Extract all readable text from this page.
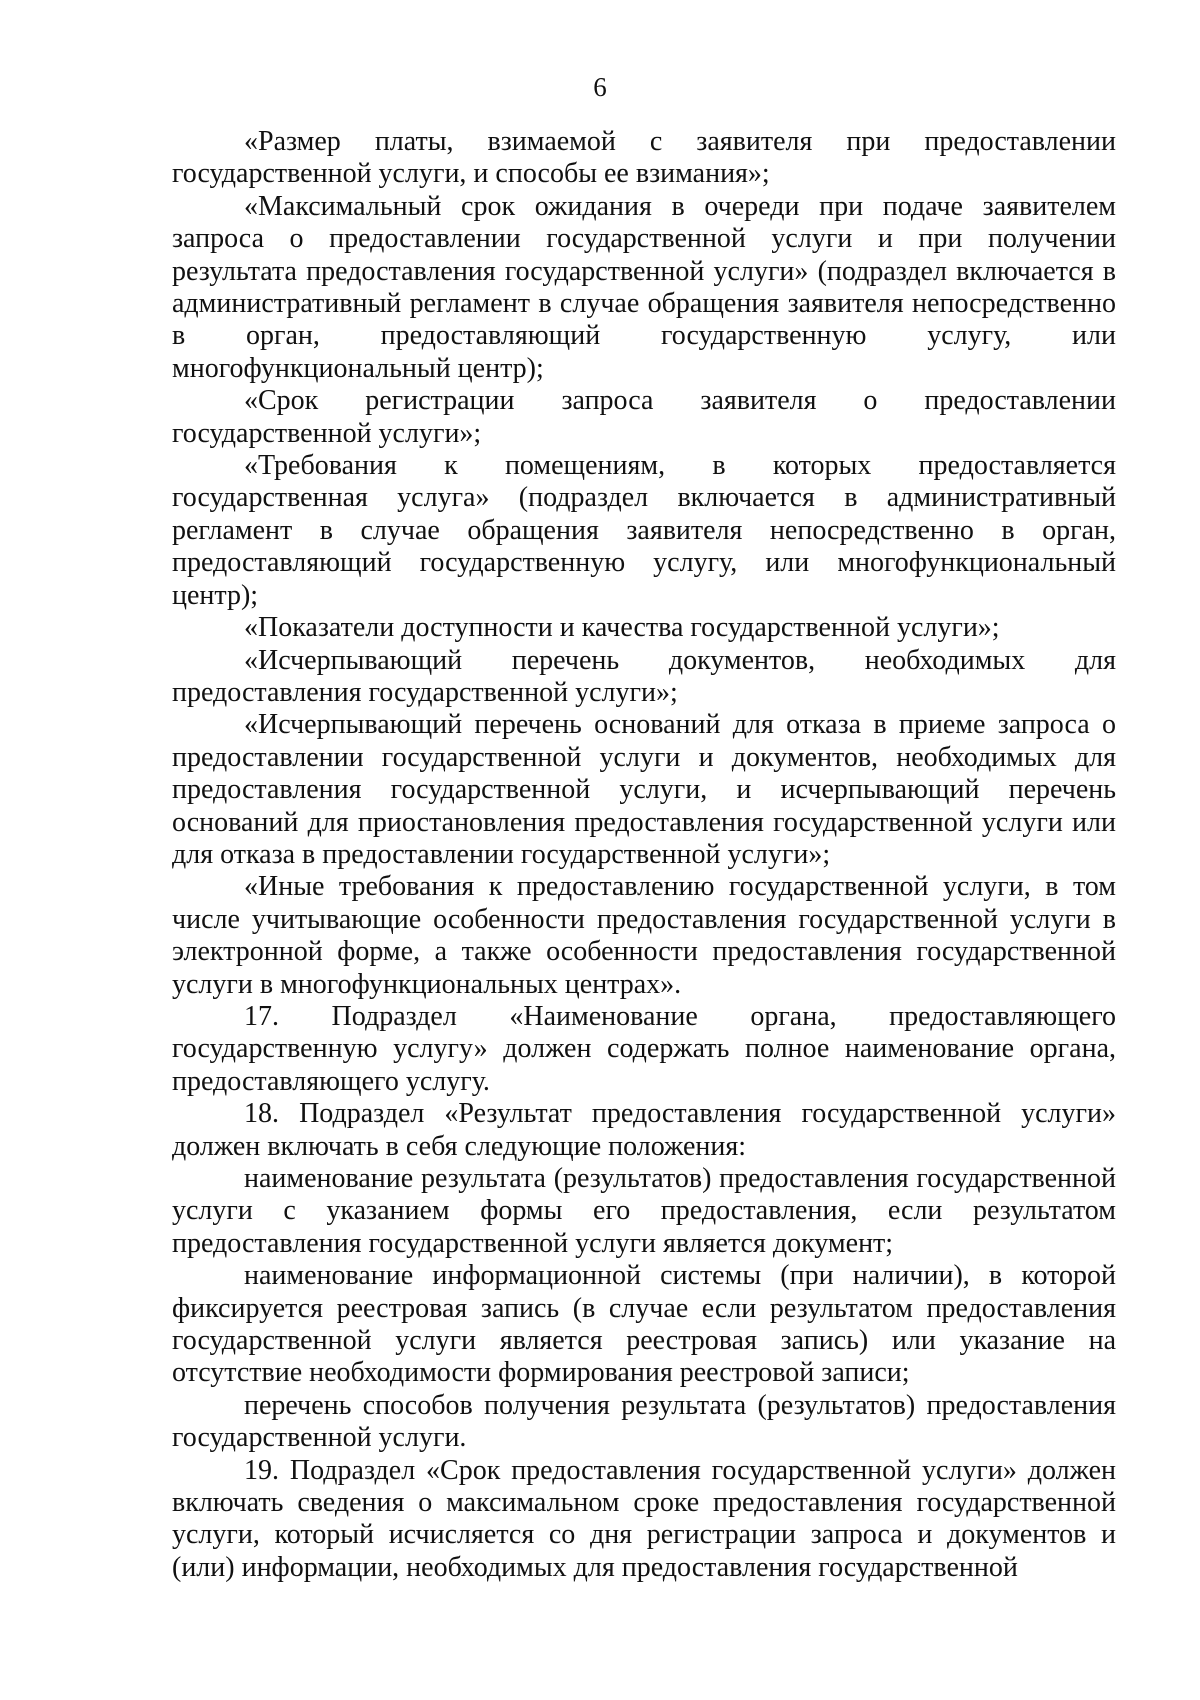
6

«Размер платы, взимаемой с заявителя при предоставлении государственной услуги, и способы ее взимания»;

«Максимальный срок ожидания в очереди при подаче заявителем запроса о предоставлении государственной услуги и при получении результата предоставления государственной услуги» (подраздел включается в административный регламент в случае обращения заявителя непосредственно в орган, предоставляющий государственную услугу, или многофункциональный центр);

«Срок регистрации запроса заявителя о предоставлении государственной услуги»;

«Требования к помещениям, в которых предоставляется государственная услуга» (подраздел включается в административный регламент в случае обращения заявителя непосредственно в орган, предоставляющий государственную услугу, или многофункциональный центр);

«Показатели доступности и качества государственной услуги»;

«Исчерпывающий перечень документов, необходимых для предоставления государственной услуги»;

«Исчерпывающий перечень оснований для отказа в приеме запроса о предоставлении государственной услуги и документов, необходимых для предоставления государственной услуги, и исчерпывающий перечень оснований для приостановления предоставления государственной услуги или для отказа в предоставлении государственной услуги»;

«Иные требования к предоставлению государственной услуги, в том числе учитывающие особенности предоставления государственной услуги в электронной форме, а также особенности предоставления государственной услуги в многофункциональных центрах».

17. Подраздел «Наименование органа, предоставляющего государственную услугу» должен содержать полное наименование органа, предоставляющего услугу.

18. Подраздел «Результат предоставления государственной услуги» должен включать в себя следующие положения:

наименование результата (результатов) предоставления государственной услуги с указанием формы его предоставления, если результатом предоставления государственной услуги является документ;

наименование информационной системы (при наличии), в которой фиксируется реестровая запись (в случае если результатом предоставления государственной услуги является реестровая запись) или указание на отсутствие необходимости формирования реестровой записи;

перечень способов получения результата (результатов) предоставления государственной услуги.

19. Подраздел «Срок предоставления государственной услуги» должен включать сведения о максимальном сроке предоставления государственной услуги, который исчисляется со дня регистрации запроса и документов и (или) информации, необходимых для предоставления государственной
